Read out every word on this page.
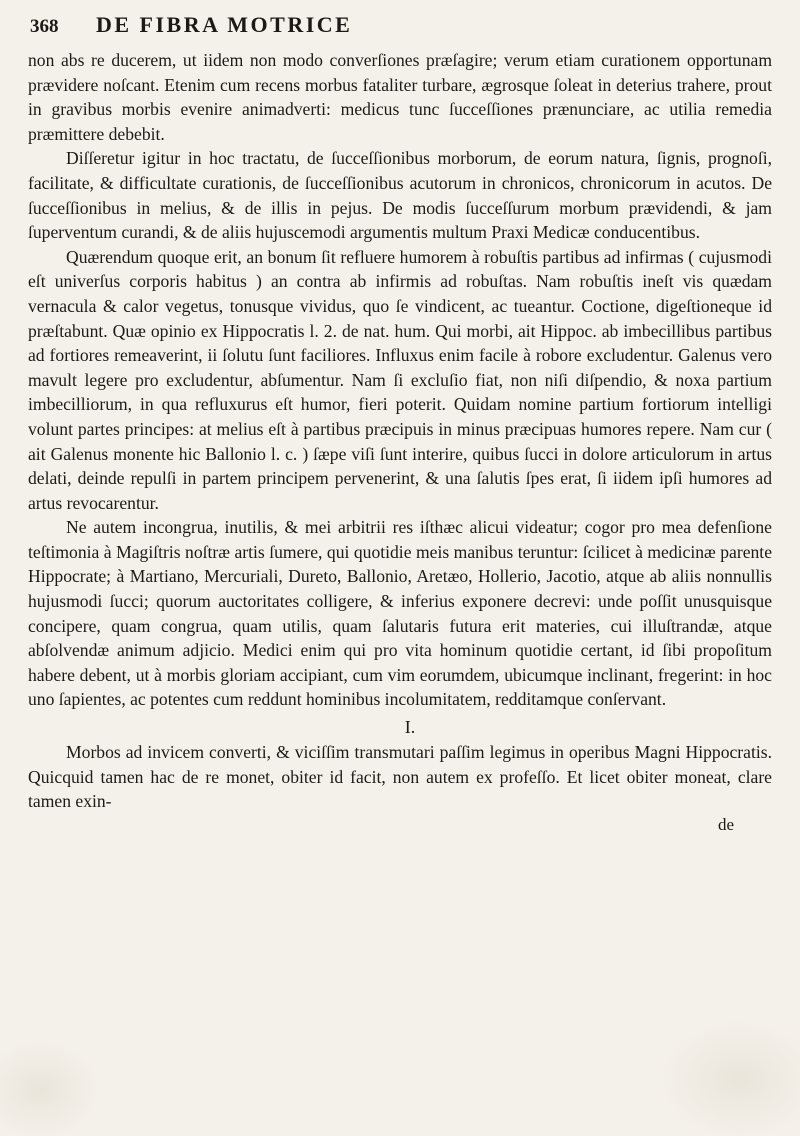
368	DE FIBRA MOTRICE

non abs re ducerem, ut iidem non modo converſiones præſagire; verum etiam curationem opportunam prævidere noſcant. Etenim cum recens morbus fataliter turbare, ægrosque ſoleat in deterius trahere, prout in gravibus morbis evenire animadverti: medicus tunc ſucceſſiones prænunciare, ac utilia remedia præmittere debebit.

Diſſeretur igitur in hoc tractatu, de ſucceſſionibus morborum, de eorum natura, ſignis, prognoſi, facilitate, & difficultate curationis, de ſucceſſionibus acutorum in chronicos, chronicorum in acutos. De ſucceſſionibus in melius, & de illis in pejus. De modis ſucceſſurum morbum prævidendi, & jam ſuperventum curandi, & de aliis hujuscemodi argumentis multum Praxi Medicæ conducentibus.

Quærendum quoque erit, an bonum ſit refluere humorem à robuſtis partibus ad infirmas ( cujusmodi eſt univerſus corporis habitus ) an contra ab infirmis ad robuſtas. Nam robuſtis ineſt vis quædam vernacula & calor vegetus, tonusque vividus, quo ſe vindicent, ac tueantur. Coctione, digeſtioneque id præſtabunt. Quæ opinio ex Hippocratis l. 2. de nat. hum. Qui morbi, ait Hippoc. ab imbecillibus partibus ad fortiores remeaverint, ii ſolutu ſunt faciliores. Influxus enim facile à robore excludentur. Galenus vero mavult legere pro excludentur, abſumentur. Nam ſi excluſio fiat, non niſi diſpendio, & noxa partium imbecilliorum, in qua refluxurus eſt humor, fieri poterit. Quidam nomine partium fortiorum intelligi volunt partes principes: at melius eſt à partibus præcipuis in minus præcipuas humores repere. Nam cur ( ait Galenus monente hic Ballonio l. c. ) ſæpe viſi ſunt interire, quibus ſucci in dolore articulorum in artus delati, deinde repulſi in partem principem pervenerint, & una ſalutis ſpes erat, ſi iidem ipſi humores ad artus revocarentur.

Ne autem incongrua, inutilis, & mei arbitrii res iſthæc alicui videatur; cogor pro mea defenſione teſtimonia à Magiſtris noſtræ artis ſumere, qui quotidie meis manibus teruntur: ſcilicet à medicinæ parente Hippocrate; à Martiano, Mercuriali, Dureto, Ballonio, Aretæo, Hollerio, Jacotio, atque ab aliis nonnullis hujusmodi ſucci; quorum auctoritates colligere, & inferius exponere decrevi: unde poſſit unusquisque concipere, quam congrua, quam utilis, quam ſalutaris futura erit materies, cui illuſtrandæ, atque abſolvendæ animum adjicio. Medici enim qui pro vita hominum quotidie certant, id ſibi propoſitum habere debent, ut à morbis gloriam accipiant, cum vim eorumdem, ubicumque inclinant, fregerint: in hoc uno ſapientes, ac potentes cum reddunt hominibus incolumitatem, redditamque conſervant.

I.

Morbos ad invicem converti, & viciſſim transmutari paſſim legimus in operibus Magni Hippocratis. Quicquid tamen hac de re monet, obiter id facit, non autem ex profeſſo. Et licet obiter moneat, clare tamen exin-

de
